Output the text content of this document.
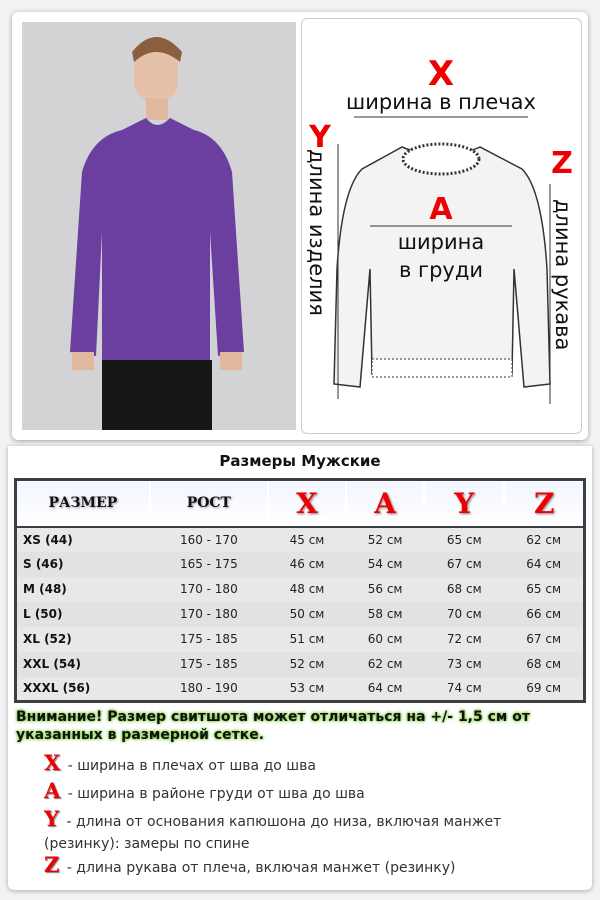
X
ширина в плечах
Y
длина изделия	Z
длина рукава
A
ширина
в груди
Размеры Мужские
РАЗМЕР	РОСТ	X	A	Y	Z
XS (44)	160 - 170	45 см	52 см	65 см	62 см
S (46)	165 - 175	46 см	54 см	67 см	64 см
M (48)	170 - 180	48 см	56 см	68 см	65 см
L (50)	170 - 180	50 см	58 см	70 см	66 см
XL (52)	175 - 185	51 см	60 см	72 см	67 см
XXL (54)	175 - 185	52 см	62 см	73 см	68 см
XXXL (56)	180 - 190	53 см	64 см	74 см	69 см
Внимание! Размер свитшота может отличаться на +/- 1,5 см от указанных в размерной сетке.
X - ширина в плечах от шва до шва
A - ширина в районе груди от шва до шва
Y - длина от основания капюшона до низа, включая манжет (резинку): замеры по спине
Z - длина рукава от плеча, включая манжет (резинку)
